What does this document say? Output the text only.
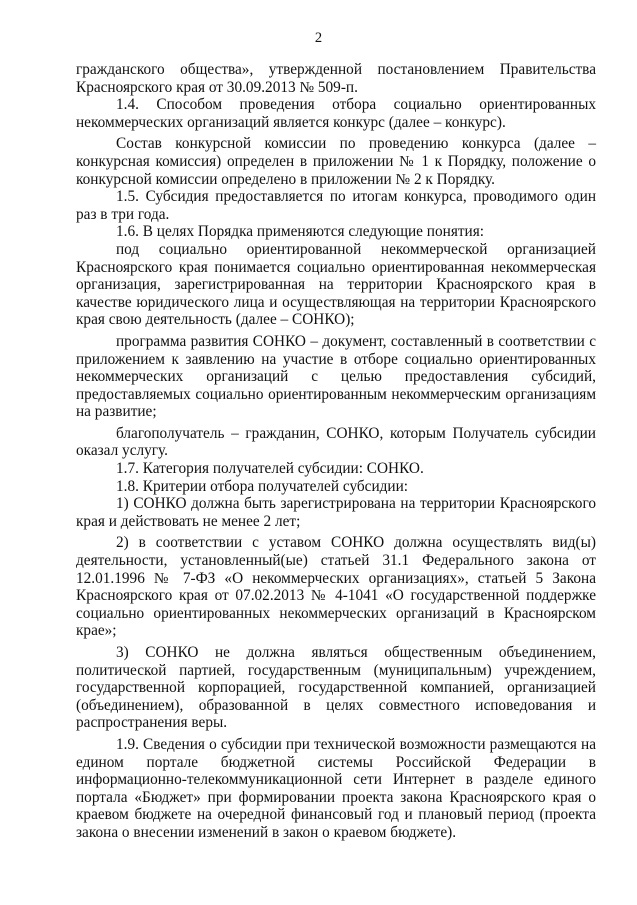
2

гражданского общества», утвержденной постановлением Правительства Красноярского края от 30.09.2013 № 509-п.

1.4. Способом проведения отбора социально ориентированных некоммерческих организаций является конкурс (далее – конкурс).

Состав конкурсной комиссии по проведению конкурса (далее – конкурсная комиссия) определен в приложении № 1 к Порядку, положение о конкурсной комиссии определено в приложении № 2 к Порядку.

1.5. Субсидия предоставляется по итогам конкурса, проводимого один раз в три года.

1.6. В целях Порядка применяются следующие понятия:

под социально ориентированной некоммерческой организацией Красноярского края понимается социально ориентированная некоммерческая организация, зарегистрированная на территории Красноярского края в качестве юридического лица и осуществляющая на территории Красноярского края свою деятельность (далее – СОНКО);

программа развития СОНКО – документ, составленный в соответствии с приложением к заявлению на участие в отборе социально ориентированных некоммерческих организаций с целью предоставления субсидий, предоставляемых социально ориентированным некоммерческим организациям на развитие;

благополучатель – гражданин, СОНКО, которым Получатель субсидии оказал услугу.

1.7. Категория получателей субсидии: СОНКО.

1.8. Критерии отбора получателей субсидии:

1) СОНКО должна быть зарегистрирована на территории Красноярского края и действовать не менее 2 лет;

2) в соответствии с уставом СОНКО должна осуществлять вид(ы) деятельности, установленный(ые) статьей 31.1 Федерального закона от 12.01.1996 № 7-ФЗ «О некоммерческих организациях», статьей 5 Закона Красноярского края от 07.02.2013 № 4-1041 «О государственной поддержке социально ориентированных некоммерческих организаций в Красноярском крае»;

3) СОНКО не должна являться общественным объединением, политической партией, государственным (муниципальным) учреждением, государственной корпорацией, государственной компанией, организацией (объединением), образованной в целях совместного исповедования и распространения веры.

1.9. Сведения о субсидии при технической возможности размещаются на едином портале бюджетной системы Российской Федерации в информационно-телекоммуникационной сети Интернет в разделе единого портала «Бюджет» при формировании проекта закона Красноярского края о краевом бюджете на очередной финансовый год и плановый период (проекта закона о внесении изменений в закон о краевом бюджете).
